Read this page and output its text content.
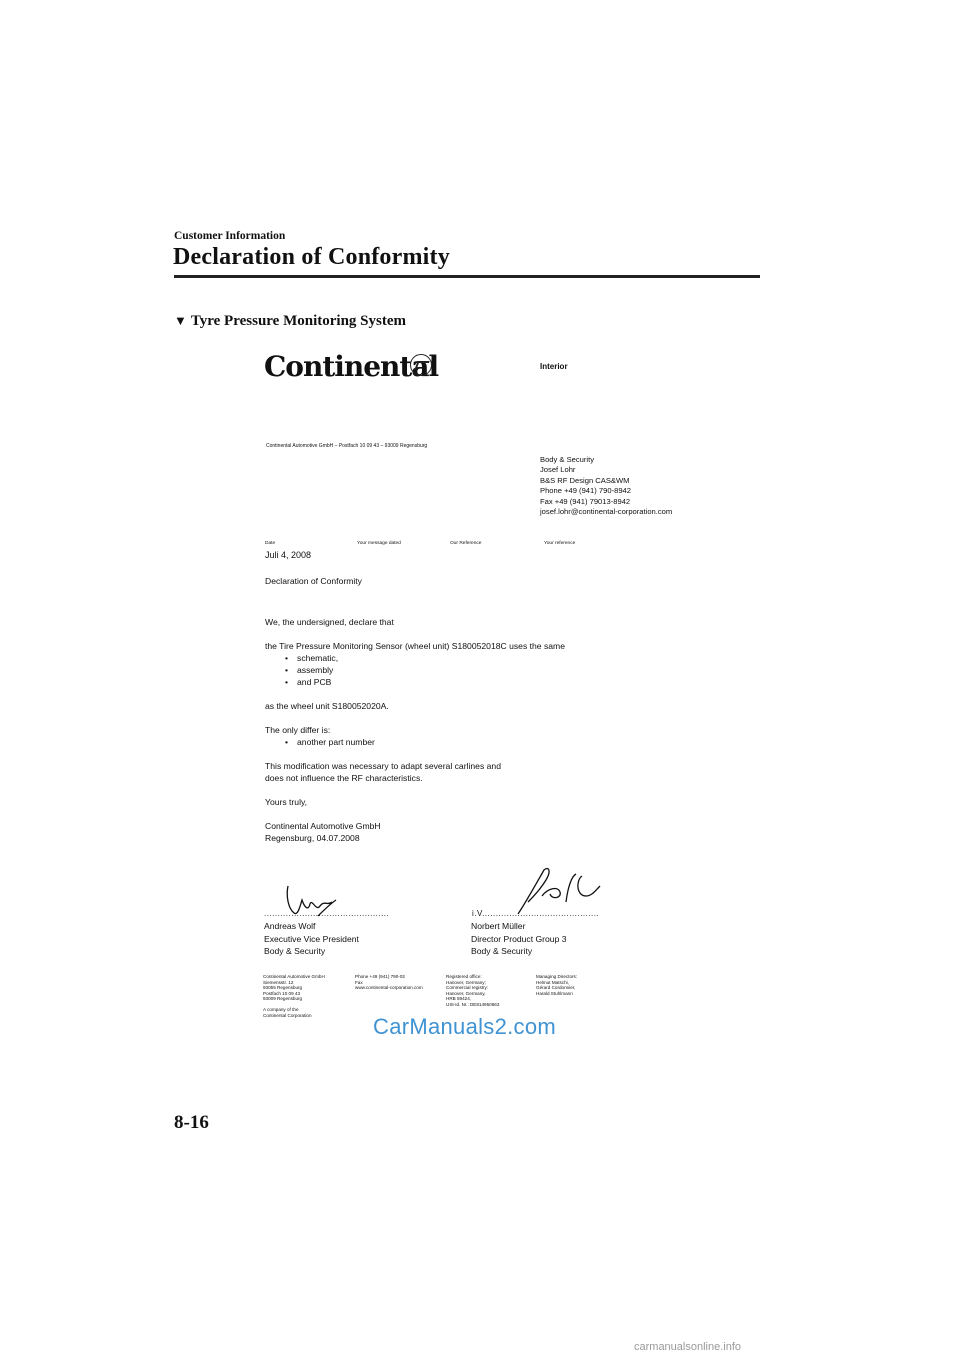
Customer Information
Declaration of Conformity
▼ Tyre Pressure Monitoring System
Continental	Interior
Continental Automotive GmbH – Postfach 10 09 43 – 93009 Regensburg
Body & Security
Josef Lohr
B&S RF Design CAS&WM
Phone +49 (941) 790-8942
Fax +49 (941) 79013-8942
josef.lohr@continental-corporation.com
Date	Your message dated	Our Reference	Your reference
Juli 4, 2008
Declaration of Conformity

We, the undersigned, declare that

the Tire Pressure Monitoring Sensor (wheel unit) S180052018C uses the same

• schematic,
• assembly
• and PCB

as the wheel unit S180052020A.

The only differ is:

• another part number

This modification was necessary to adapt several carlines and
does not influence the RF characteristics.

Yours truly,

Continental Automotive GmbH
Regensburg, 04.07.2008

..............................................	i.V...........................................
Andreas Wolf
Executive Vice President
Body & Security
Norbert Müller
Director Product Group 3
Body & Security
Continental Automotive GmbH
Siemensstr. 12
93055 Regensburg
Postfach 10 09 43
93009 Regensburg
A company of the
Continental Corporation
Phone +49 (941) 790-02
Fax
www.continental-corporation.com
Registered office:
Hanover, Germany;
Commercial registry:
Hanover, Germany,
HRB 59424,
USt-Id. Nr.: DE814950663
Managing Directors:
Helmut Matschi,
Gérard Cordonnier,
Harald Stuhlmann
CarManuals2.com
8-16
carmanualsonline.info
